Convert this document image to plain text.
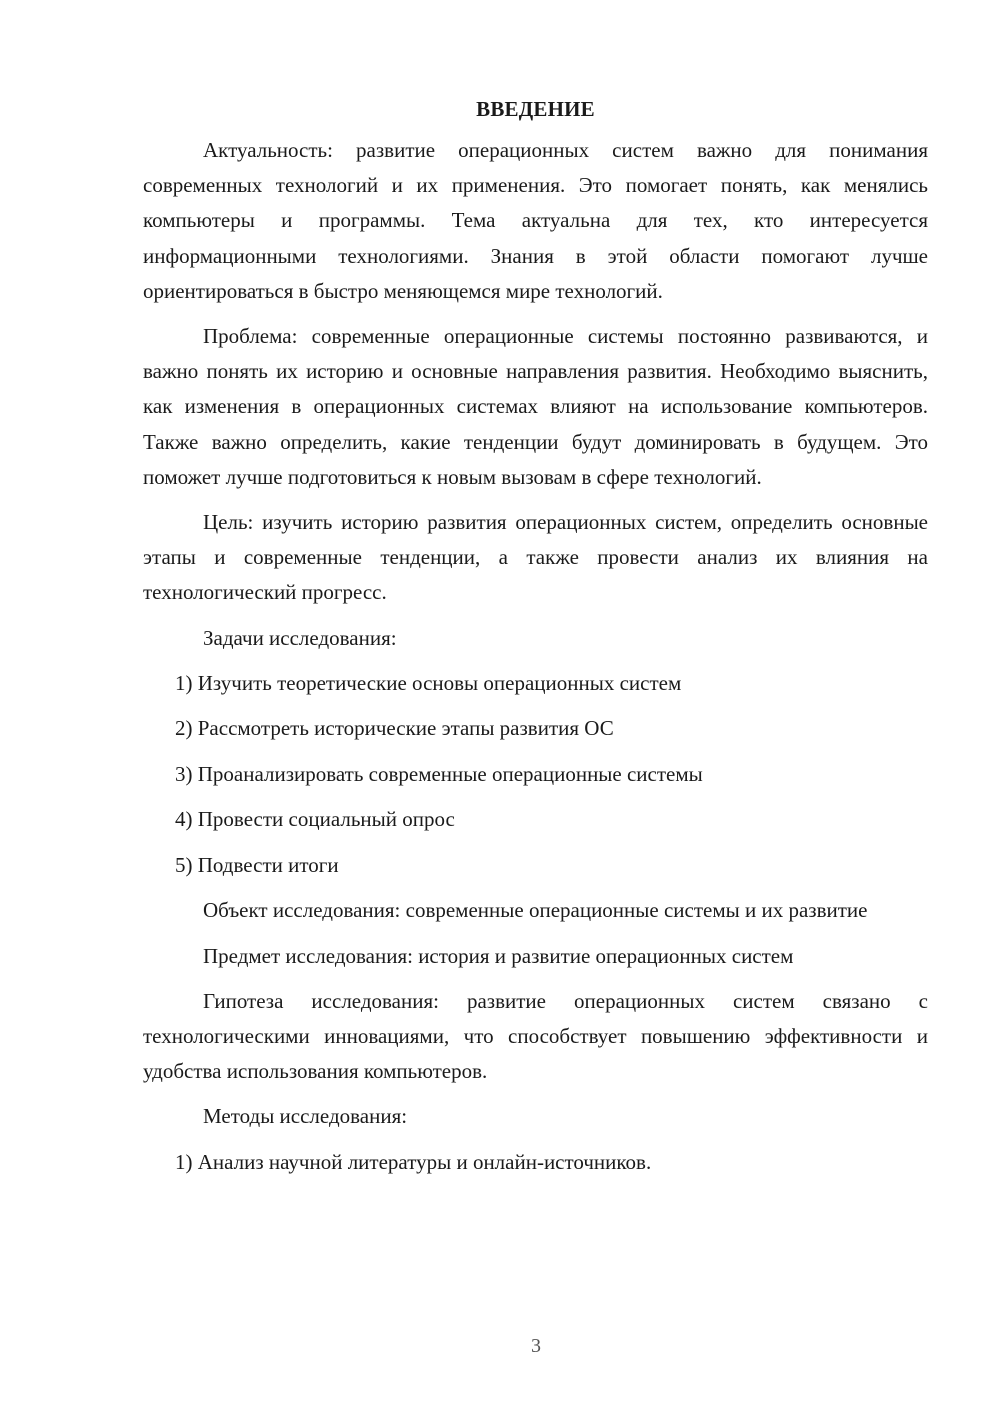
ВВЕДЕНИЕ

Актуальность: развитие операционных систем важно для понимания современных технологий и их применения. Это помогает понять, как менялись компьютеры и программы. Тема актуальна для тех, кто интересуется информационными технологиями. Знания в этой области помогают лучше ориентироваться в быстро меняющемся мире технологий.

Проблема: современные операционные системы постоянно развиваются, и важно понять их историю и основные направления развития. Необходимо выяснить, как изменения в операционных системах влияют на использование компьютеров. Также важно определить, какие тенденции будут доминировать в будущем. Это поможет лучше подготовиться к новым вызовам в сфере технологий.

Цель: изучить историю развития операционных систем, определить основные этапы и современные тенденции, а также провести анализ их влияния на технологический прогресс.

Задачи исследования:

1) Изучить теоретические основы операционных систем
2) Рассмотреть исторические этапы развития ОС
3) Проанализировать современные операционные системы
4) Провести социальный опрос
5) Подвести итоги

Объект исследования: современные операционные системы и их развитие

Предмет исследования: история и развитие операционных систем

Гипотеза исследования: развитие операционных систем связано с технологическими инновациями, что способствует повышению эффективности и удобства использования компьютеров.

Методы исследования:

1) Анализ научной литературы и онлайн-источников.
3
